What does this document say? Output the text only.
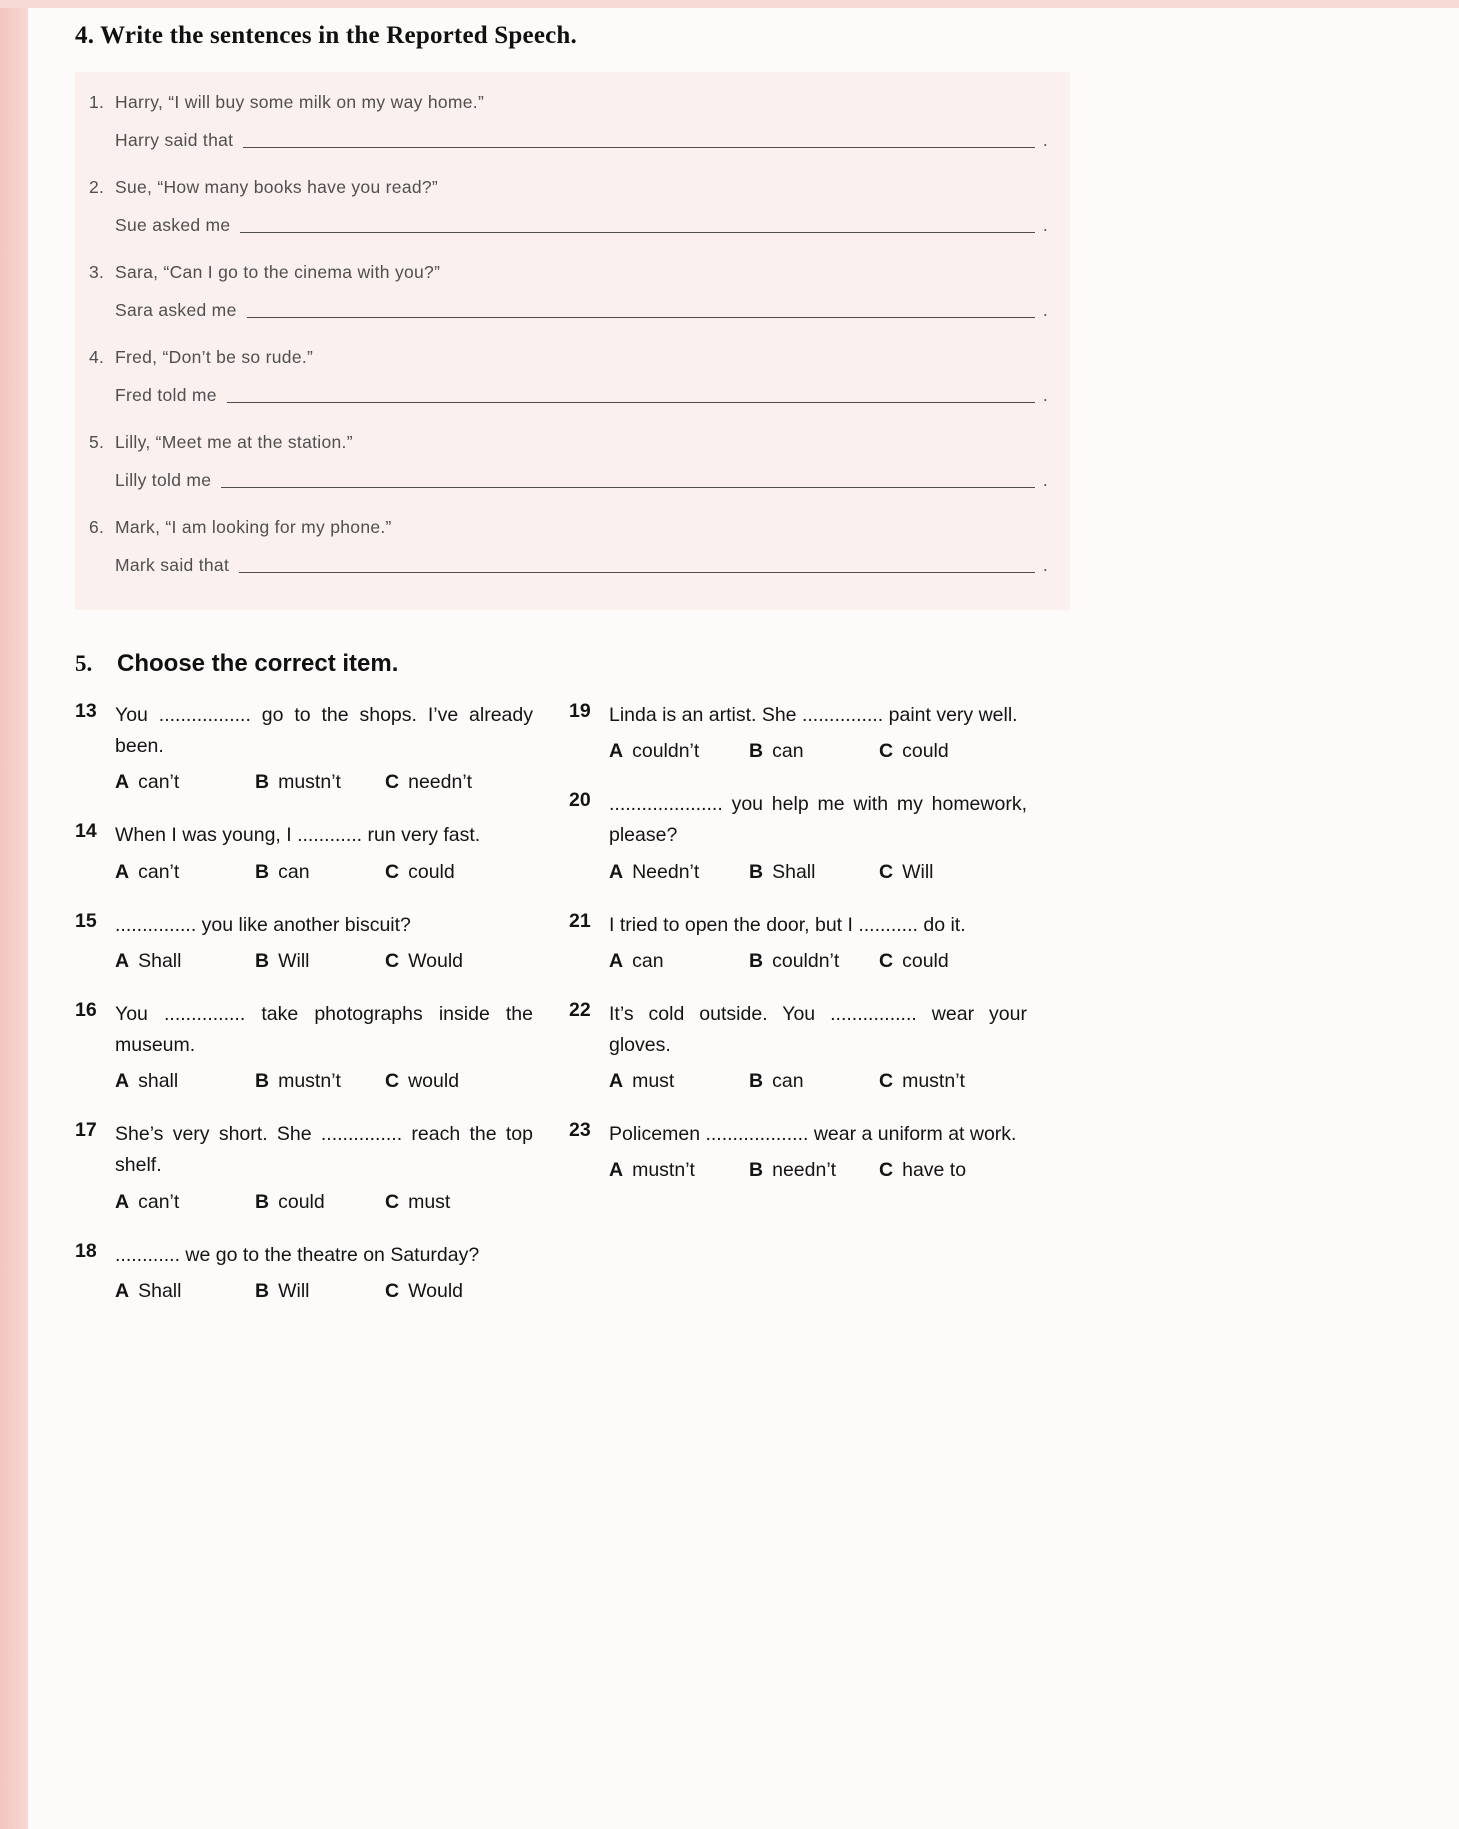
4. Write the sentences in the Reported Speech.
1. Harry, “I will buy some milk on my way home.”
Harry said that	.
2. Sue, “How many books have you read?”
Sue asked me	.
3. Sara, “Can I go to the cinema with you?”
Sara asked me	.
4. Fred, “Don’t be so rude.”
Fred told me	.
5. Lilly, “Meet me at the station.”
Lilly told me	.
6. Mark, “I am looking for my phone.”
Mark said that	.
5.	Choose the correct item.
13 You ................. go to the shops. I’ve already been.
A can’t	B mustn’t	C needn’t
14 When I was young, I ............ run very fast.
A can’t	B can	C could
15 ............... you like another biscuit?
A Shall	B Will	C Would
16 You ............... take photographs inside the museum.
A shall	B mustn’t	C would
17 She’s very short. She ............... reach the top shelf.
A can’t	B could	C must
18 ............ we go to the theatre on Saturday?
A Shall	B Will	C Would
19 Linda is an artist. She ............... paint very well.
A couldn’t	B can	C could
20 ..................... you help me with my homework, please?
A Needn’t	B Shall	C Will
21 I tried to open the door, but I ........... do it.
A can	B couldn’t	C could
22 It’s cold outside. You ................ wear your gloves.
A must	B can	C mustn’t
23 Policemen ................... wear a uniform at work.
A mustn’t	B needn’t	C have to
